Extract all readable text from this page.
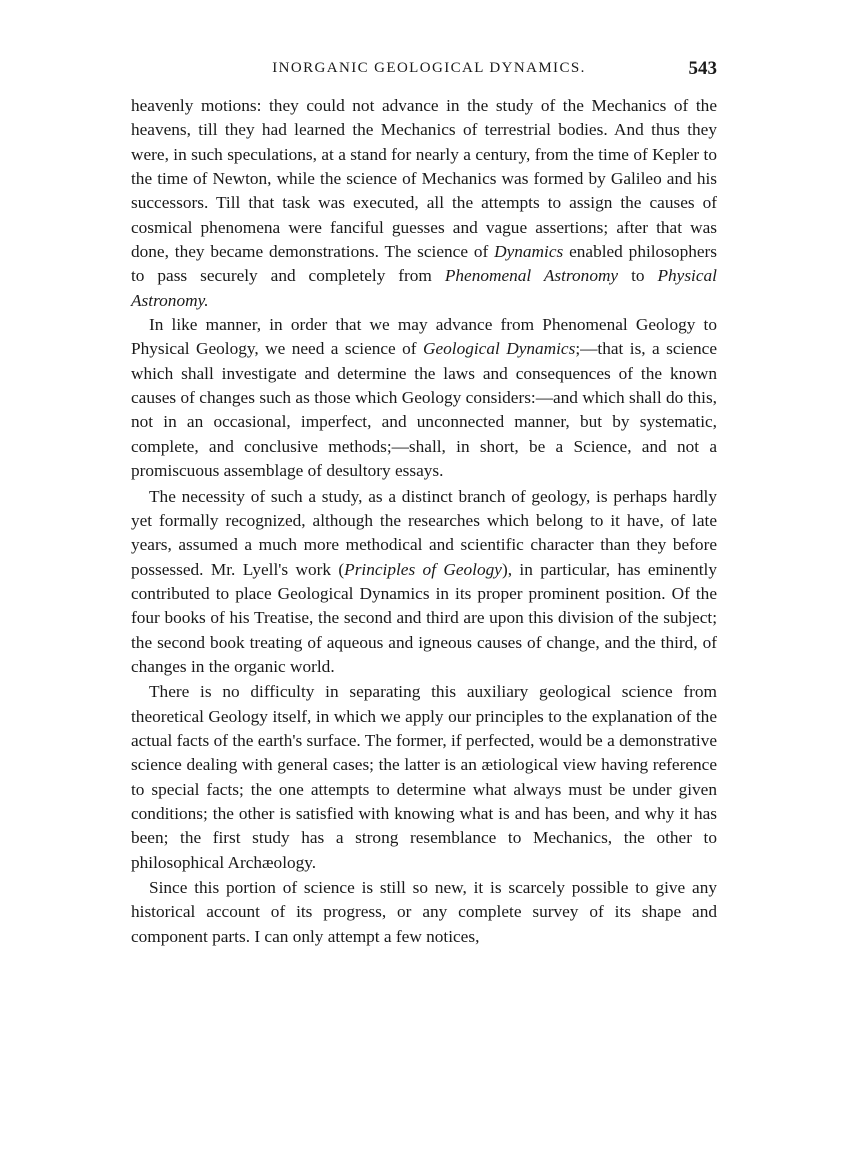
INORGANIC GEOLOGICAL DYNAMICS.	543

heavenly motions: they could not advance in the study of the Mechanics of the heavens, till they had learned the Mechanics of terrestrial bodies. And thus they were, in such speculations, at a stand for nearly a century, from the time of Kepler to the time of Newton, while the science of Mechanics was formed by Galileo and his successors. Till that task was executed, all the attempts to assign the causes of cosmical phenomena were fanciful guesses and vague assertions; after that was done, they became demonstrations. The science of Dynamics enabled philosophers to pass securely and completely from Phenomenal Astronomy to Physical Astronomy.

In like manner, in order that we may advance from Phenomenal Geology to Physical Geology, we need a science of Geological Dynamics;—that is, a science which shall investigate and determine the laws and consequences of the known causes of changes such as those which Geology considers:—and which shall do this, not in an occasional, imperfect, and unconnected manner, but by systematic, complete, and conclusive methods;—shall, in short, be a Science, and not a promiscuous assemblage of desultory essays.

The necessity of such a study, as a distinct branch of geology, is perhaps hardly yet formally recognized, although the researches which belong to it have, of late years, assumed a much more methodical and scientific character than they before possessed. Mr. Lyell's work (Principles of Geology), in particular, has eminently contributed to place Geological Dynamics in its proper prominent position. Of the four books of his Treatise, the second and third are upon this division of the subject; the second book treating of aqueous and igneous causes of change, and the third, of changes in the organic world.

There is no difficulty in separating this auxiliary geological science from theoretical Geology itself, in which we apply our principles to the explanation of the actual facts of the earth's surface. The former, if perfected, would be a demonstrative science dealing with general cases; the latter is an ætiological view having reference to special facts; the one attempts to determine what always must be under given conditions; the other is satisfied with knowing what is and has been, and why it has been; the first study has a strong resemblance to Mechanics, the other to philosophical Archæology.

Since this portion of science is still so new, it is scarcely possible to give any historical account of its progress, or any complete survey of its shape and component parts. I can only attempt a few notices,
